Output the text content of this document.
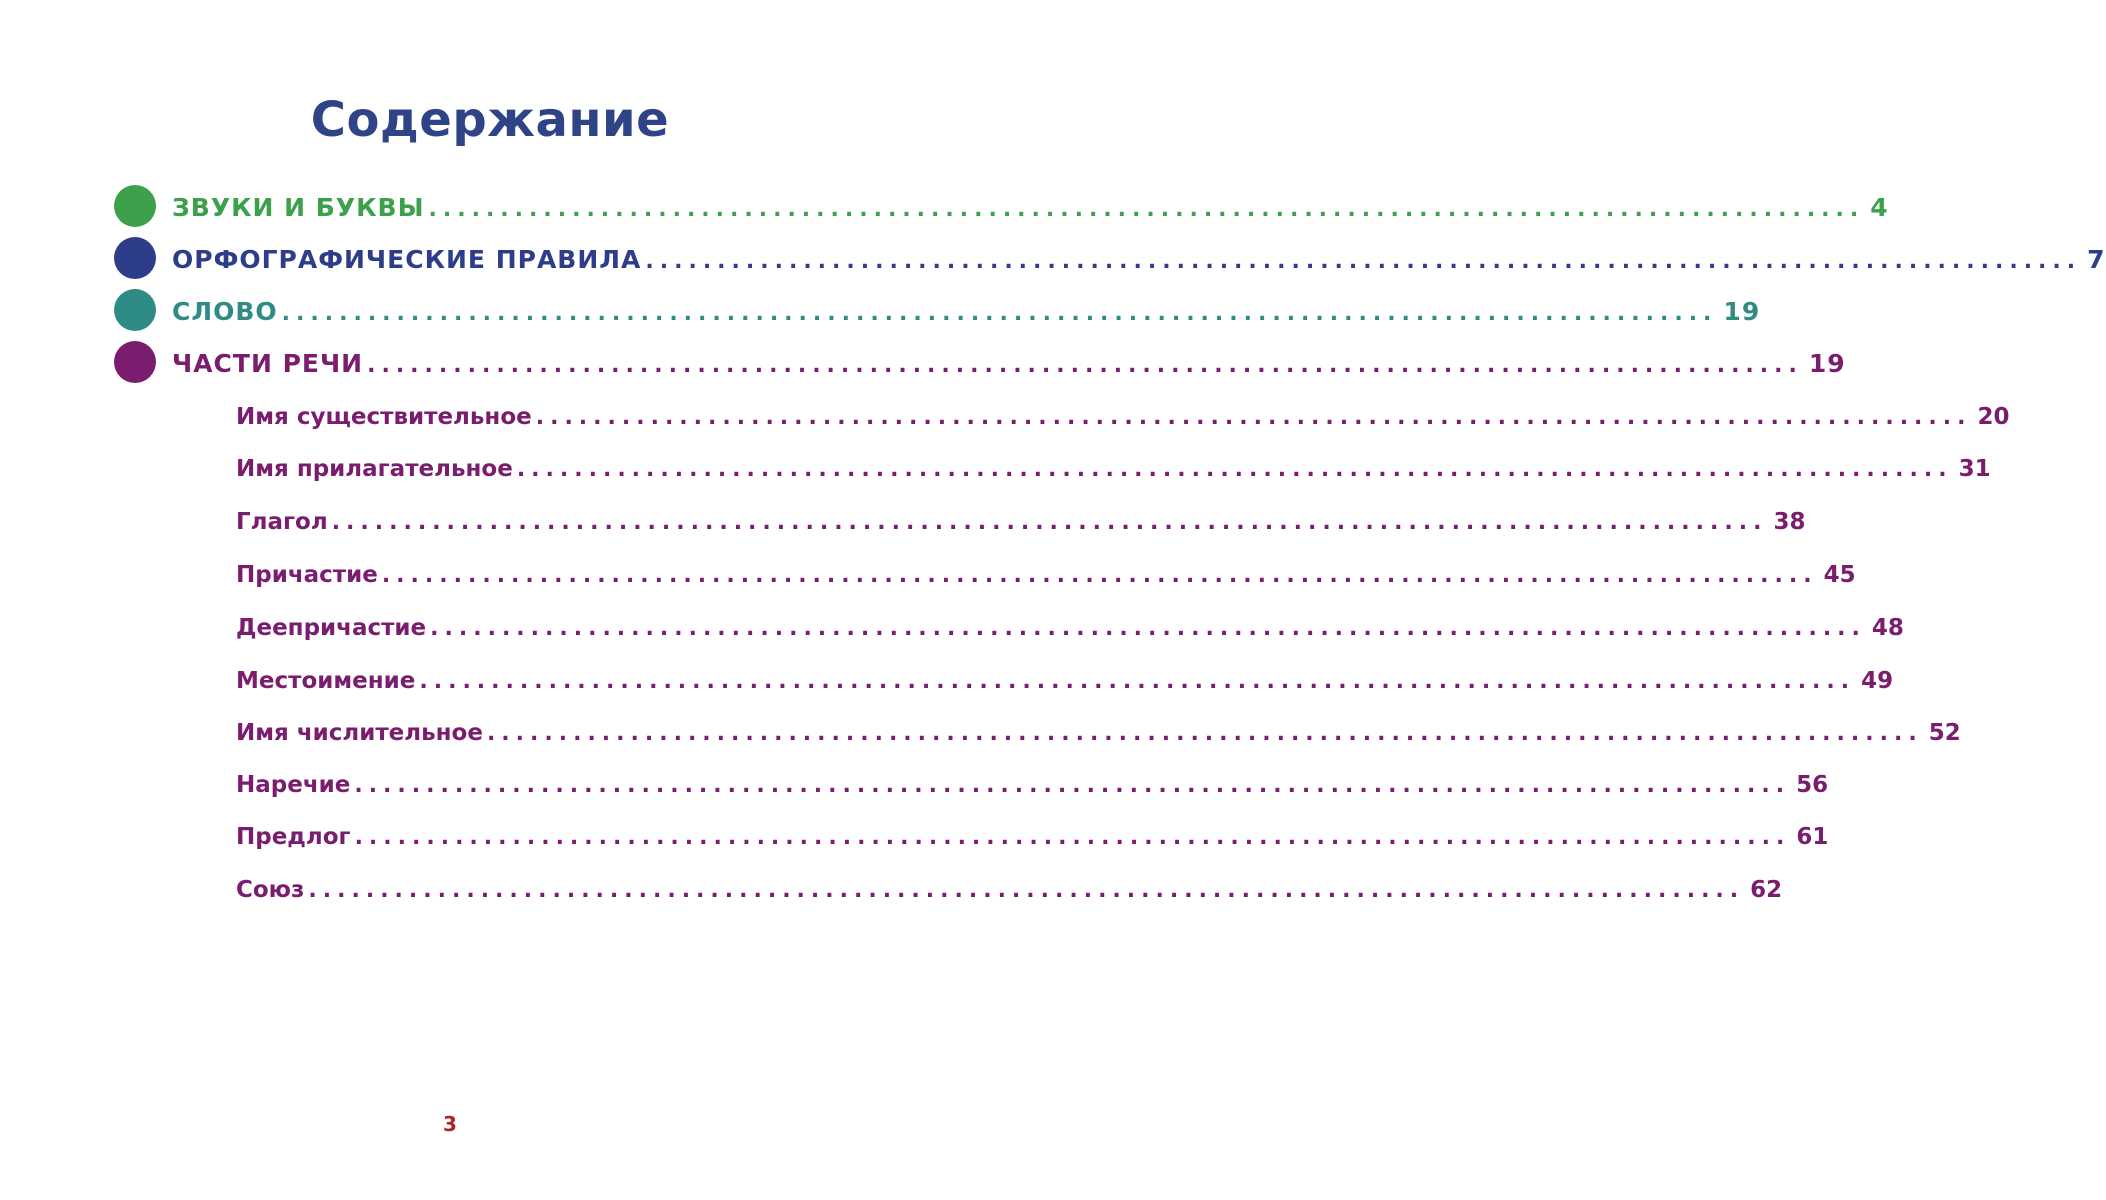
Содержание
ЗВУКИ И БУКВЫ .................................................................................................... 4
ОРФОГРАФИЧЕСКИЕ ПРАВИЛА .................................................................................................... 7
СЛОВО .................................................................................................... 19
ЧАСТИ РЕЧИ .................................................................................................... 19
Имя существительное .................................................................................................... 20
Имя прилагательное .................................................................................................... 31
Глагол .................................................................................................... 38
Причастие .................................................................................................... 45
Деепричастие .................................................................................................... 48
Местоимение .................................................................................................... 49
Имя числительное .................................................................................................... 52
Наречие .................................................................................................... 56
Предлог .................................................................................................... 61
Союз .................................................................................................... 62
3
